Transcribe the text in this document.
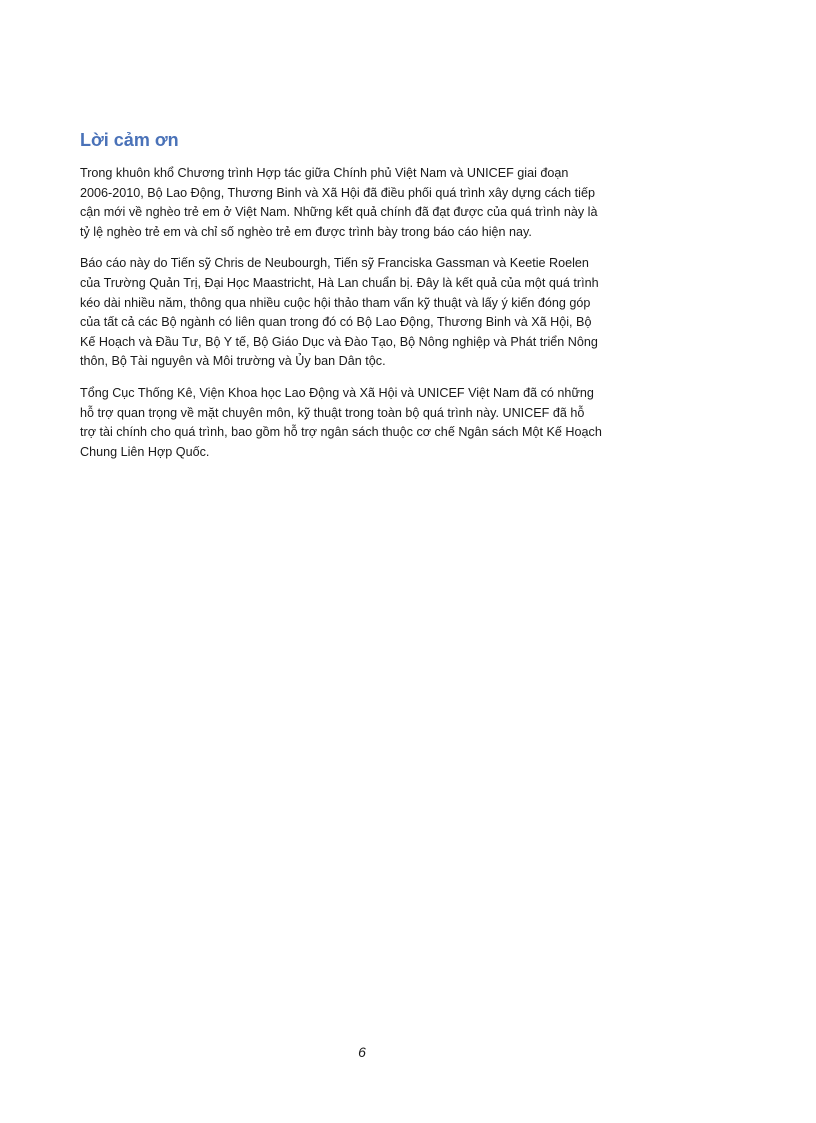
Lời cảm ơn

Trong khuôn khổ Chương trình Hợp tác giữa Chính phủ Việt Nam và UNICEF giai đoạn
2006-2010, Bộ Lao Động, Thương Binh và Xã Hội đã điều phối quá trình xây dựng cách tiếp
cận mới về nghèo trẻ em ở Việt Nam. Những kết quả chính đã đạt được của quá trình này là
tỷ lệ nghèo trẻ em và chỉ số nghèo trẻ em được trình bày trong báo cáo hiện nay.

Báo cáo này do Tiến sỹ Chris de Neubourgh, Tiến sỹ Franciska Gassman và Keetie Roelen
của Trường Quản Trị, Đại Học Maastricht, Hà Lan chuẩn bị. Đây là kết quả của một quá trình
kéo dài nhiều năm, thông qua nhiều cuộc hội thảo tham vấn kỹ thuật và lấy ý kiến đóng góp
của tất cả các Bộ ngành có liên quan trong đó có Bộ Lao Động, Thương Binh và Xã Hội, Bộ
Kế Hoạch và Đầu Tư, Bộ Y tế, Bộ Giáo Dục và Đào Tạo, Bộ Nông nghiệp và Phát triển Nông
thôn, Bộ Tài nguyên và Môi trường và Ủy ban Dân tộc.

Tổng Cục Thống Kê, Viện Khoa học Lao Động và Xã Hội và UNICEF Việt Nam đã có những
hỗ trợ quan trọng về mặt chuyên môn, kỹ thuật trong toàn bộ quá trình này. UNICEF đã hỗ
trợ tài chính cho quá trình, bao gồm hỗ trợ ngân sách thuộc cơ chế Ngân sách Một Kế Hoạch
Chung Liên Hợp Quốc.

6
